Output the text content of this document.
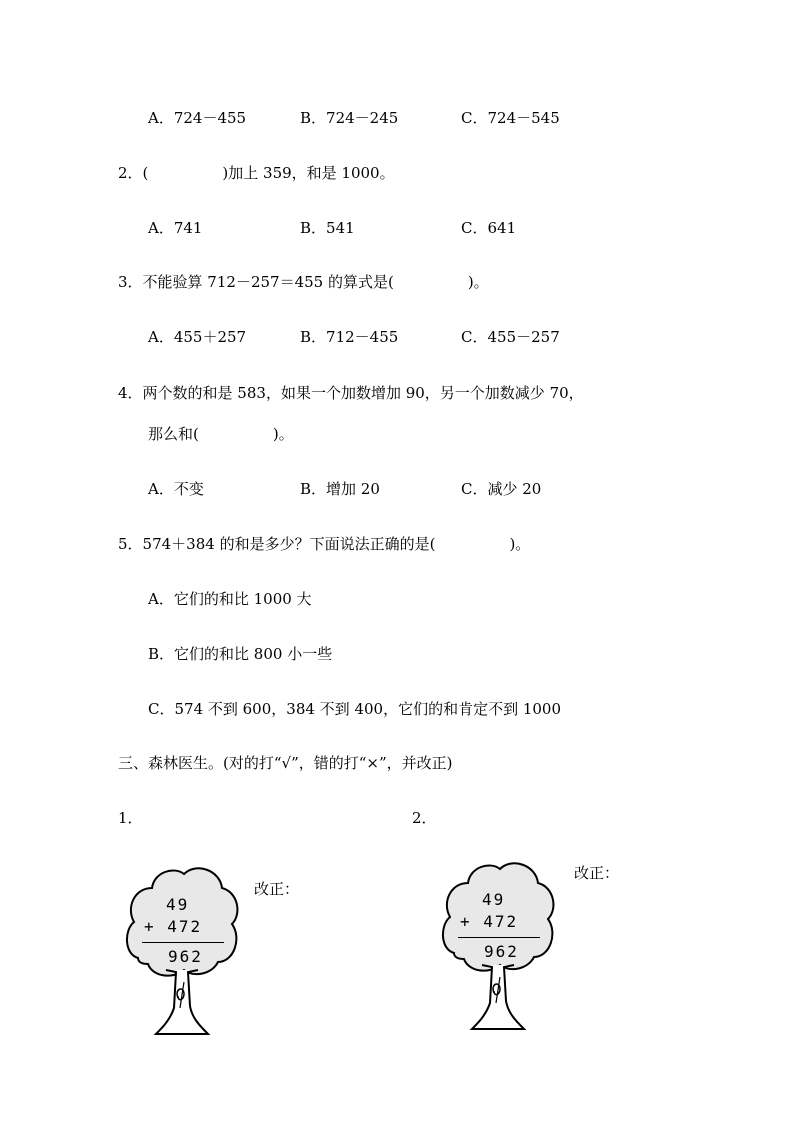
A．724－455	B．724－245	C．724－545
2．(	)加上 359，和是 1000。
A．741	B．541	C．641
3．不能验算 712－257＝455 的算式是(	)。
A．455＋257	B．712－455	C．455－257
4．两个数的和是 583，如果一个加数增加 90，另一个加数减少 70，
那么和(	)。
A．不变	B．增加 20	C．减少 20
5．574＋384 的和是多少？下面说法正确的是(	)。
A．它们的和比 1000 大
B．它们的和比 800 小一些
C．574 不到 600，384 不到 400，它们的和肯定不到 1000
三、森林医生。(对的打“√”，错的打“×”，并改正)
1．	2．
49
+ 472
962
改正：
49
+ 472
962
改正：
